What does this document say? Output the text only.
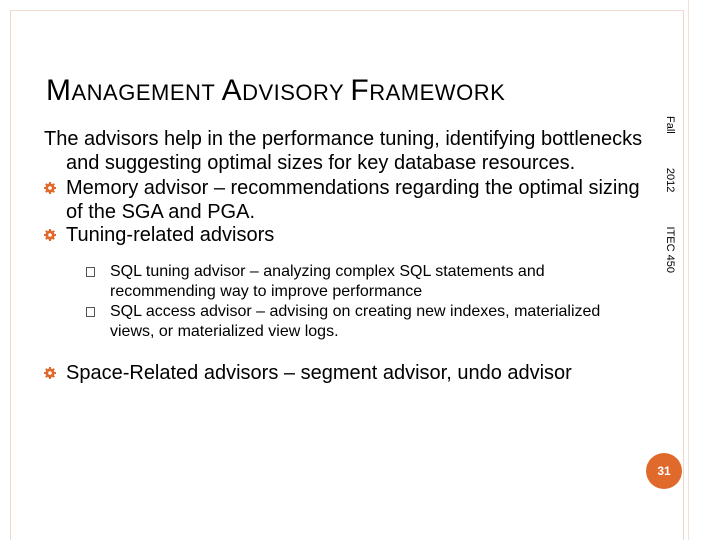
MANAGEMENT ADVISORY FRAMEWORK
Fall  2012  ITEC 450

The advisors help in the performance tuning, identifying bottlenecks and suggesting optimal sizes for key database resources.

Memory advisor – recommendations regarding the optimal sizing of the SGA and PGA.
Tuning-related advisors
SQL tuning advisor – analyzing complex SQL statements and recommending way to improve performance
SQL access advisor – advising on creating new indexes, materialized views, or materialized view logs.
Space-Related advisors – segment advisor, undo advisor
31
